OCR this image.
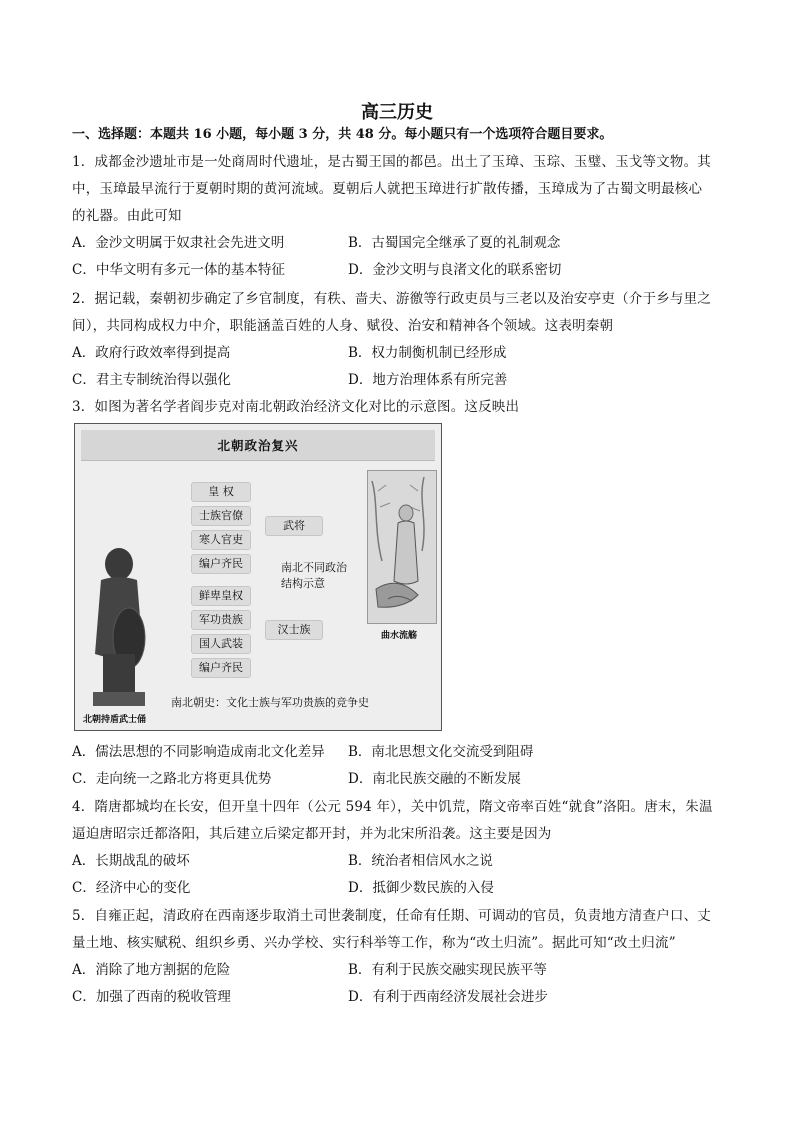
高三历史
一、选择题：本题共 16 小题，每小题 3 分，共 48 分。每小题只有一个选项符合题目要求。
1．成都金沙遗址市是一处商周时代遗址，是古蜀王国的都邑。出土了玉璋、玉琮、玉璧、玉戈等文物。其
中，玉璋最早流行于夏朝时期的黄河流域。夏朝后人就把玉璋进行扩散传播，玉璋成为了古蜀文明最核心
的礼器。由此可知
A．金沙文明属于奴隶社会先进文明	B．古蜀国完全继承了夏的礼制观念
C．中华文明有多元一体的基本特征	D．金沙文明与良渚文化的联系密切
2．据记载，秦朝初步确定了乡官制度，有秩、啬夫、游徼等行政吏员与三老以及治安亭吏（介于乡与里之
间），共同构成权力中介，职能涵盖百姓的人身、赋役、治安和精神各个领域。这表明秦朝
A．政府行政效率得到提高	B．权力制衡机制已经形成
C．君主专制统治得以强化	D．地方治理体系有所完善
3．如图为著名学者阎步克对南北朝政治经济文化对比的示意图。这反映出
北朝政治复兴
皇 权
士族官僚
寒人官吏
编户齐民
鲜卑皇权
军功贵族
国人武装
编户齐民
武将
汉士族
南北不同政治
结构示意
曲水流觞
北朝持盾武士俑
南北朝史：文化士族与军功贵族的竞争史
A．儒法思想的不同影响造成南北文化差异 B．南北思想文化交流受到阻碍
C．走向统一之路北方将更具优势	D．南北民族交融的不断发展
4．隋唐都城均在长安，但开皇十四年（公元 594 年），关中饥荒，隋文帝率百姓“就食”洛阳。唐末，朱温
逼迫唐昭宗迁都洛阳，其后建立后梁定都开封，并为北宋所沿袭。这主要是因为
A．长期战乱的破坏	B．统治者相信风水之说
C．经济中心的变化	D．抵御少数民族的入侵
5．自雍正起，清政府在西南逐步取消土司世袭制度，任命有任期、可调动的官员，负责地方清查户口、丈
量土地、核实赋税、组织乡勇、兴办学校、实行科举等工作，称为“改土归流”。据此可知“改土归流”
A．消除了地方割据的危险	B．有利于民族交融实现民族平等
C．加强了西南的税收管理	D．有利于西南经济发展社会进步
